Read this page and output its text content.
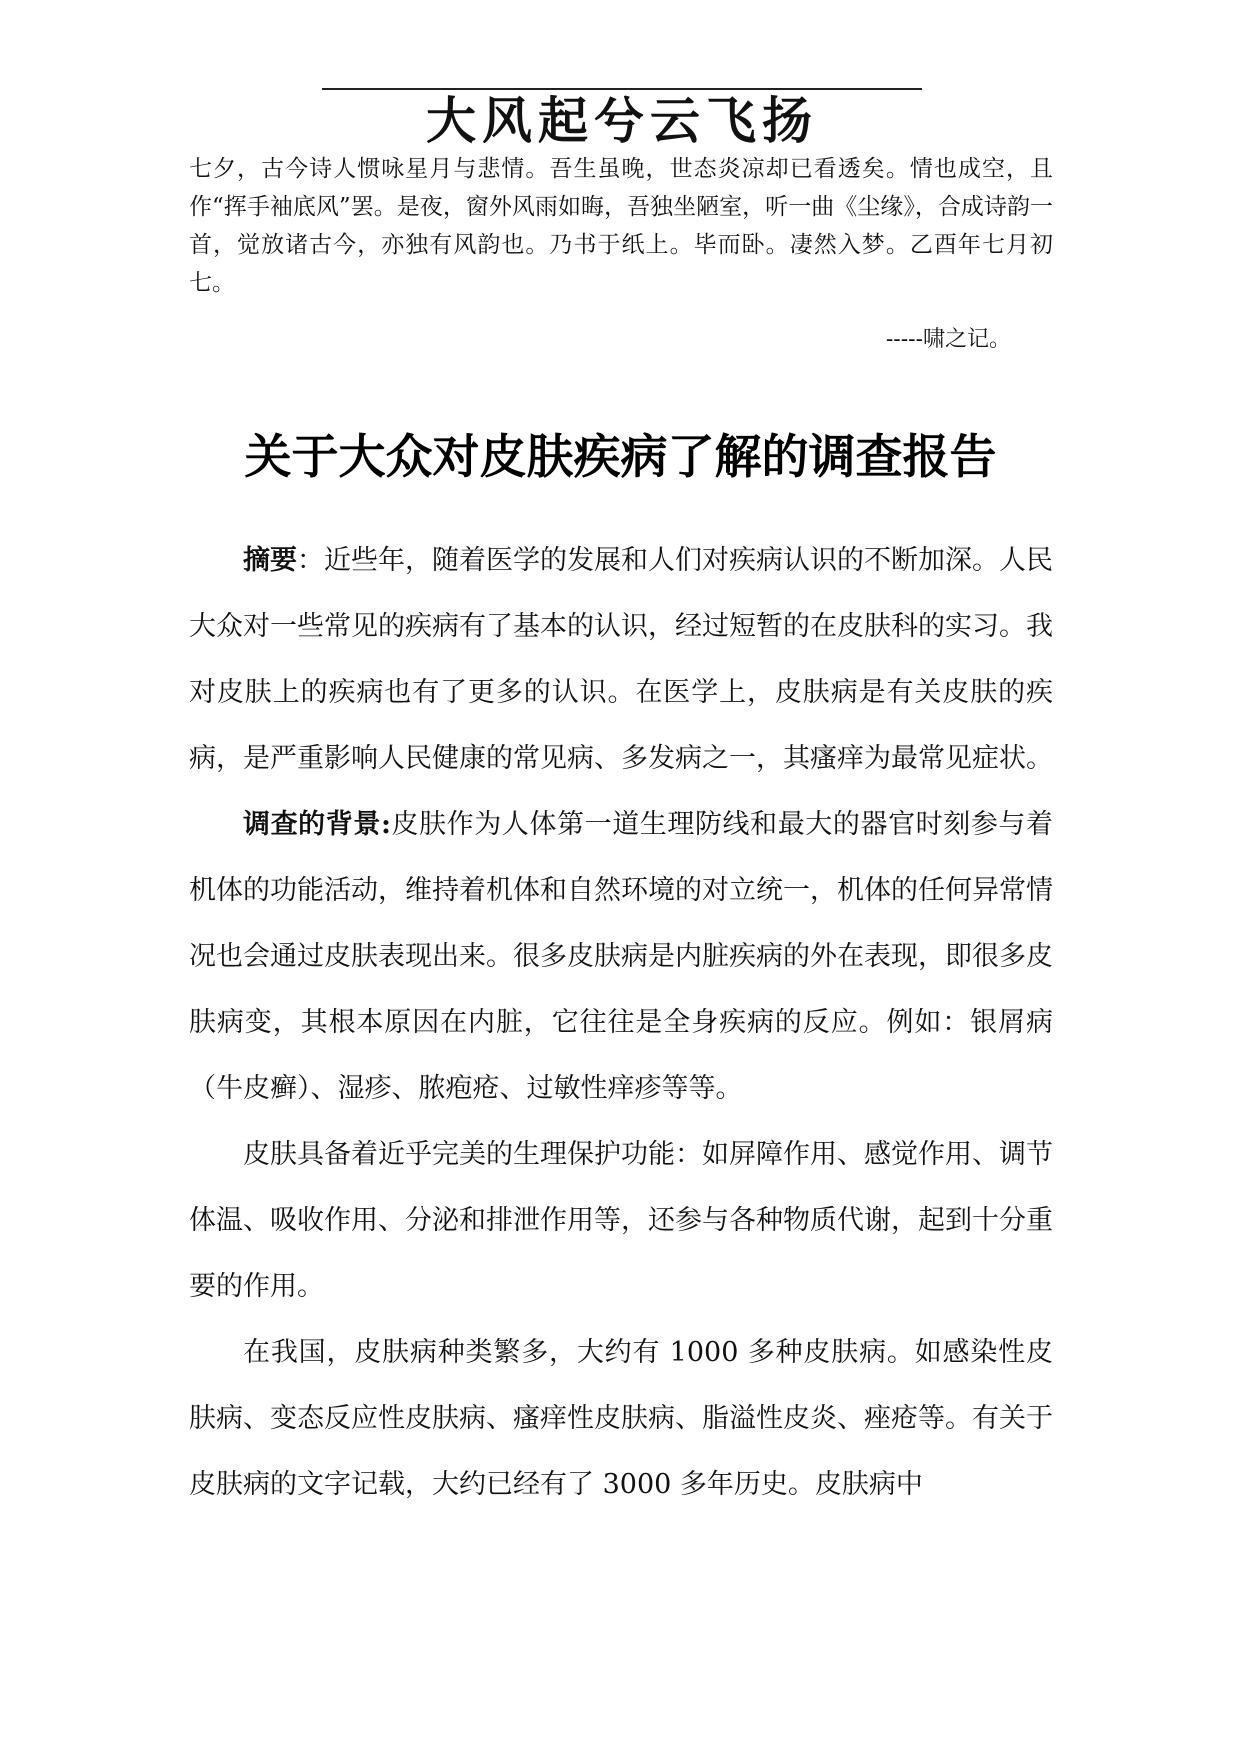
大风起兮云飞扬
七夕，古今诗人惯咏星月与悲情。吾生虽晚，世态炎凉却已看透矣。情也成空，且作“挥手袖底风”罢。是夜，窗外风雨如晦，吾独坐陋室，听一曲《尘缘》，合成诗韵一首，觉放诸古今，亦独有风韵也。乃书于纸上。毕而卧。凄然入梦。乙酉年七月初七。
-----啸之记。
关于大众对皮肤疾病了解的调查报告

摘要：近些年，随着医学的发展和人们对疾病认识的不断加深。人民大众对一些常见的疾病有了基本的认识，经过短暂的在皮肤科的实习。我对皮肤上的疾病也有了更多的认识。在医学上，皮肤病是有关皮肤的疾病，是严重影响人民健康的常见病、多发病之一，其瘙痒为最常见症状。

调查的背景:皮肤作为人体第一道生理防线和最大的器官时刻参与着机体的功能活动，维持着机体和自然环境的对立统一，机体的任何异常情况也会通过皮肤表现出来。很多皮肤病是内脏疾病的外在表现，即很多皮肤病变，其根本原因在内脏，它往往是全身疾病的反应。例如：银屑病（牛皮癣）、湿疹、脓疱疮、过敏性痒疹等等。

皮肤具备着近乎完美的生理保护功能：如屏障作用、感觉作用、调节体温、吸收作用、分泌和排泄作用等，还参与各种物质代谢，起到十分重要的作用。

在我国，皮肤病种类繁多，大约有 1000 多种皮肤病。如感染性皮肤病、变态反应性皮肤病、瘙痒性皮肤病、脂溢性皮炎、痤疮等。有关于皮肤病的文字记载，大约已经有了 3000 多年历史。皮肤病中
